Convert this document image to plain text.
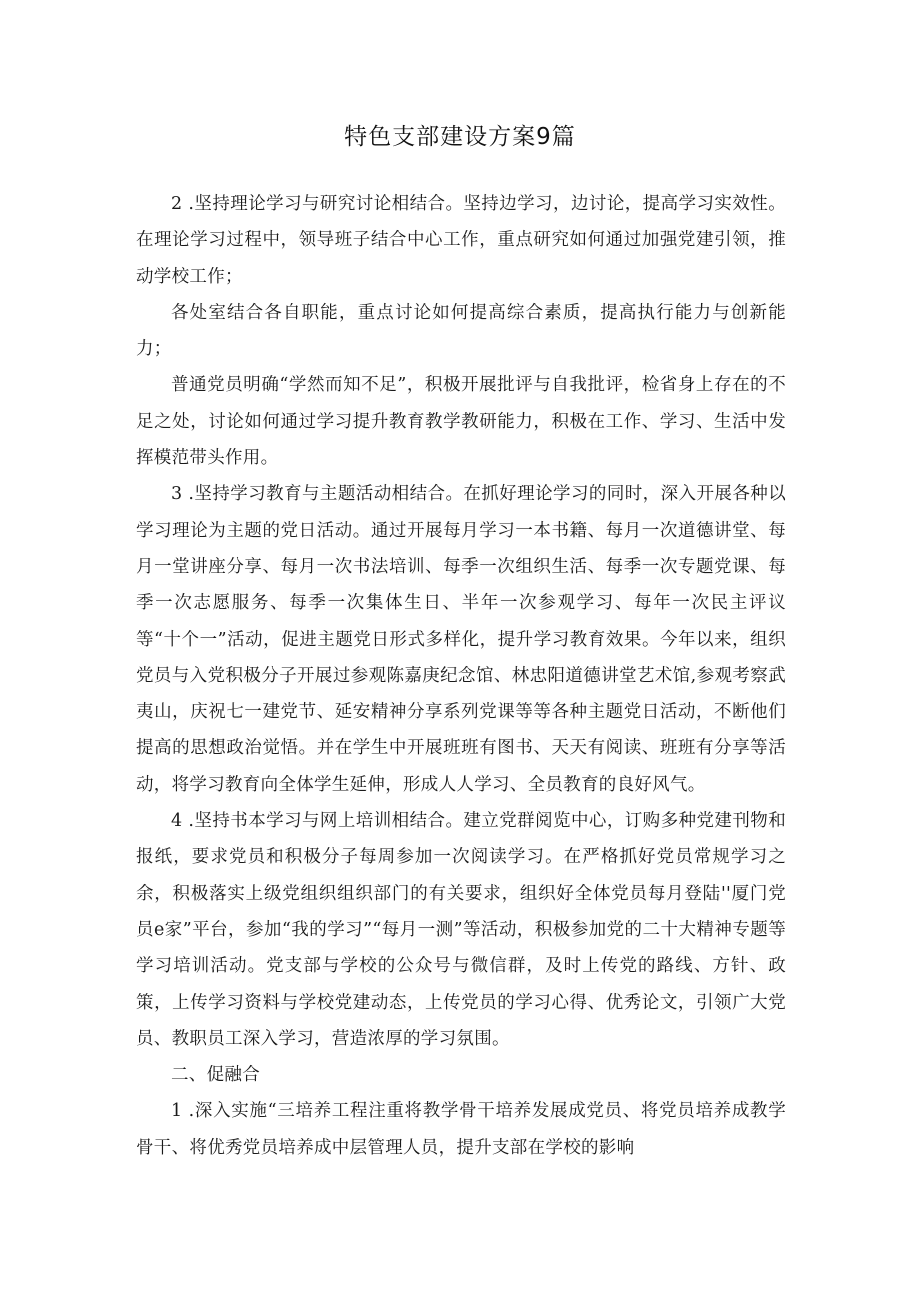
特色支部建设方案9篇

2 .坚持理论学习与研究讨论相结合。坚持边学习，边讨论，提高学习实效性。在理论学习过程中，领导班子结合中心工作，重点研究如何通过加强党建引领，推动学校工作；

各处室结合各自职能，重点讨论如何提高综合素质，提高执行能力与创新能力；

普通党员明确“学然而知不足”，积极开展批评与自我批评，检省身上存在的不足之处，讨论如何通过学习提升教育教学教研能力，积极在工作、学习、生活中发挥模范带头作用。

3 .坚持学习教育与主题活动相结合。在抓好理论学习的同时，深入开展各种以学习理论为主题的党日活动。通过开展每月学习一本书籍、每月一次道德讲堂、每月一堂讲座分享、每月一次书法培训、每季一次组织生活、每季一次专题党课、每季一次志愿服务、每季一次集体生日、半年一次参观学习、每年一次民主评议等“十个一”活动，促进主题党日形式多样化，提升学习教育效果。今年以来，组织党员与入党积极分子开展过参观陈嘉庚纪念馆、林忠阳道德讲堂艺术馆,参观考察武夷山，庆祝七一建党节、延安精神分享系列党课等等各种主题党日活动，不断他们提高的思想政治觉悟。并在学生中开展班班有图书、天天有阅读、班班有分享等活动，将学习教育向全体学生延伸，形成人人学习、全员教育的良好风气。

4 .坚持书本学习与网上培训相结合。建立党群阅览中心，订购多种党建刊物和报纸，要求党员和积极分子每周参加一次阅读学习。在严格抓好党员常规学习之余，积极落实上级党组织组织部门的有关要求，组织好全体党员每月登陆''厦门党员e家”平台，参加“我的学习”“每月一测”等活动，积极参加党的二十大精神专题等学习培训活动。党支部与学校的公众号与微信群，及时上传党的路线、方针、政策，上传学习资料与学校党建动态，上传党员的学习心得、优秀论文，引领广大党员、教职员工深入学习，营造浓厚的学习氛围。

二、促融合

1 .深入实施“三培养工程注重将教学骨干培养发展成党员、将党员培养成教学骨干、将优秀党员培养成中层管理人员，提升支部在学校的影响
